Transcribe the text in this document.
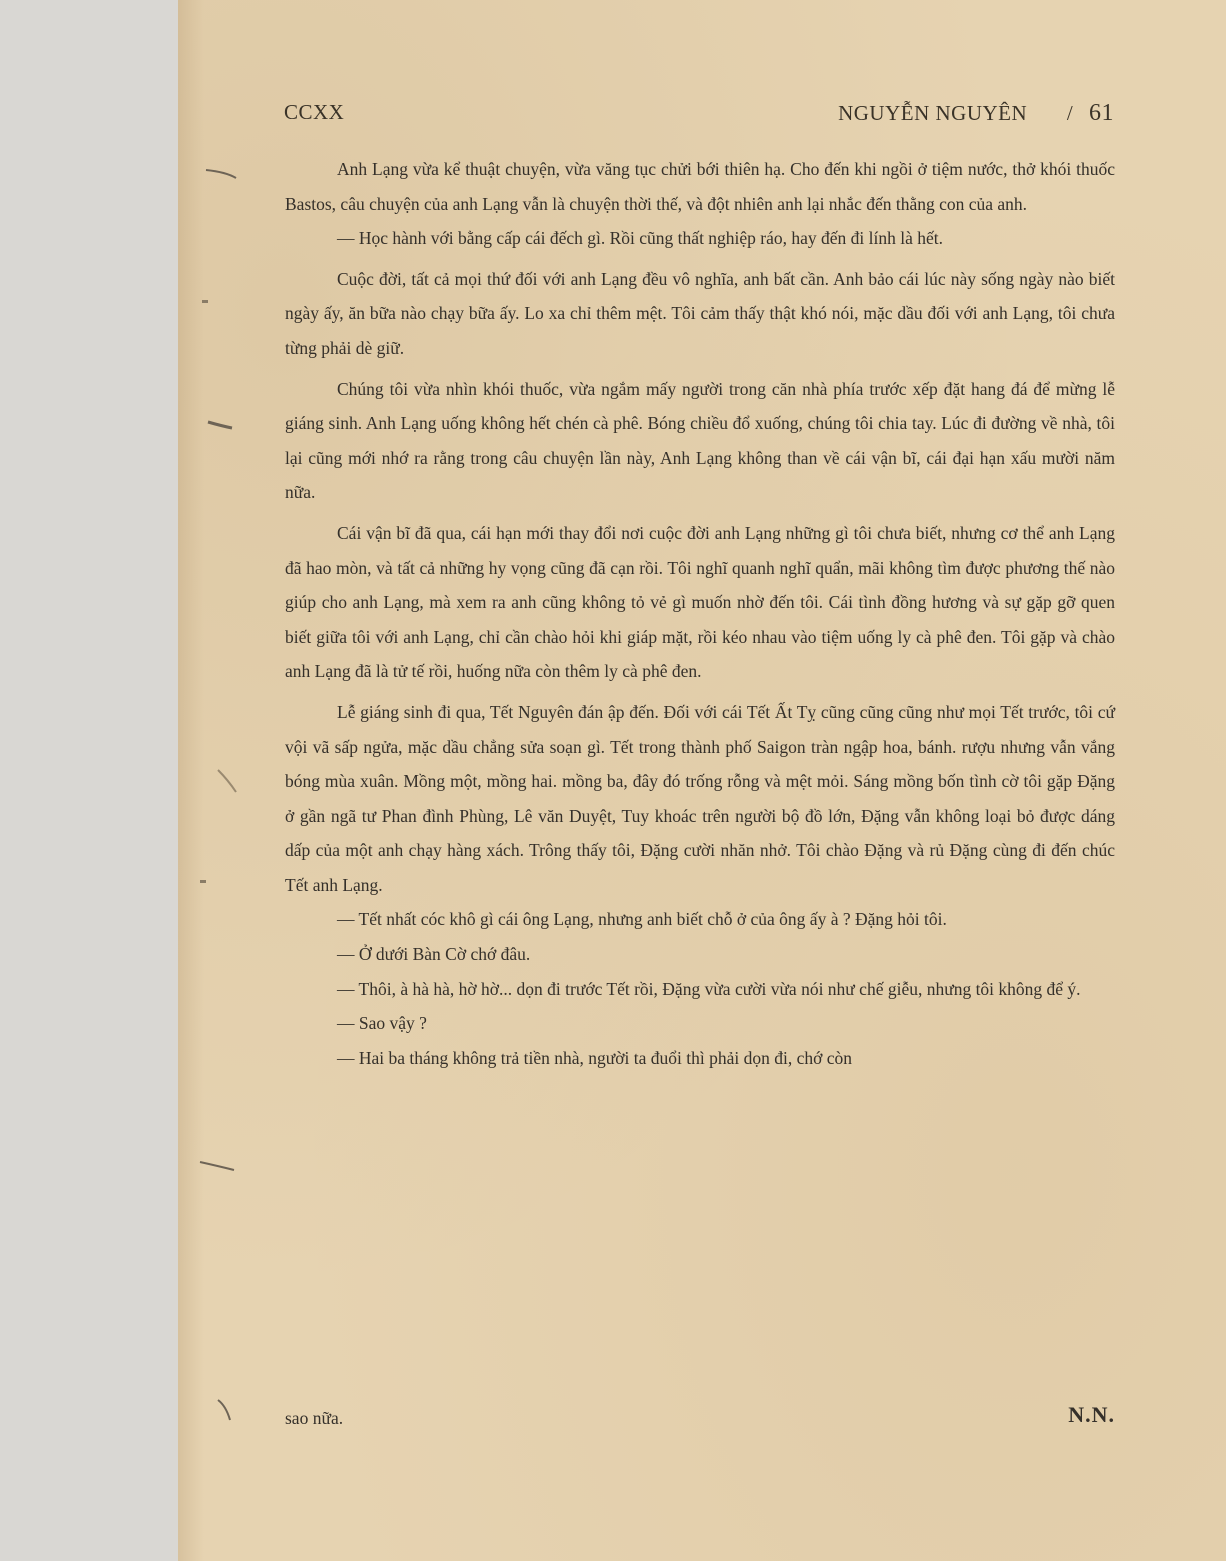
CCXX	NGUYỄN NGUYÊN / 61

Anh Lạng vừa kể thuật chuyện, vừa văng tục chửi bới thiên hạ. Cho đến khi ngồi ở tiệm nước, thở khói thuốc Bastos, câu chuyện của anh Lạng vẫn là chuyện thời thế, và đột nhiên anh lại nhắc đến thằng con của anh.

— Học hành với bằng cấp cái đếch gì. Rồi cũng thất nghiệp ráo, hay đến đi lính là hết.

Cuộc đời, tất cả mọi thứ đối với anh Lạng đều vô nghĩa, anh bất cần. Anh bảo cái lúc này sống ngày nào biết ngày ấy, ăn bữa nào chạy bữa ấy. Lo xa chỉ thêm mệt. Tôi cảm thấy thật khó nói, mặc dầu đối với anh Lạng, tôi chưa từng phải dè giữ.

Chúng tôi vừa nhìn khói thuốc, vừa ngắm mấy người trong căn nhà phía trước xếp đặt hang đá để mừng lễ giáng sinh. Anh Lạng uống không hết chén cà phê. Bóng chiều đổ xuống, chúng tôi chia tay. Lúc đi đường về nhà, tôi lại cũng mới nhớ ra rằng trong câu chuyện lần này, Anh Lạng không than về cái vận bĩ, cái đại hạn xấu mười năm nữa.

Cái vận bĩ đã qua, cái hạn mới thay đổi nơi cuộc đời anh Lạng những gì tôi chưa biết, nhưng cơ thể anh Lạng đã hao mòn, và tất cả những hy vọng cũng đã cạn rồi. Tôi nghĩ quanh nghĩ quẩn, mãi không tìm được phương thế nào giúp cho anh Lạng, mà xem ra anh cũng không tỏ vẻ gì muốn nhờ đến tôi. Cái tình đồng hương và sự gặp gỡ quen biết giữa tôi với anh Lạng, chỉ cần chào hỏi khi giáp mặt, rồi kéo nhau vào tiệm uống ly cà phê đen. Tôi gặp và chào anh Lạng đã là tử tế rồi, huống nữa còn thêm ly cà phê đen.

Lễ giáng sinh đi qua, Tết Nguyên đán ập đến. Đối với cái Tết Ất Tỵ cũng cũng cũng như mọi Tết trước, tôi cứ vội vã sấp ngửa, mặc dầu chẳng sửa soạn gì. Tết trong thành phố Saigon tràn ngập hoa, bánh. rượu nhưng vẫn vắng bóng mùa xuân. Mồng một, mồng hai. mồng ba, đây đó trống rỗng và mệt mỏi. Sáng mồng bốn tình cờ tôi gặp Đặng ở gần ngã tư Phan đình Phùng, Lê văn Duyệt, Tuy khoác trên người bộ đồ lớn, Đặng vẫn không loại bỏ được dáng dấp của một anh chạy hàng xách. Trông thấy tôi, Đặng cười nhăn nhở. Tôi chào Đặng và rủ Đặng cùng đi đến chúc Tết anh Lạng.

— Tết nhất cóc khô gì cái ông Lạng, nhưng anh biết chỗ ở của ông ấy à ? Đặng hỏi tôi.

— Ở dưới Bàn Cờ chớ đâu.

— Thôi, à hà hà, hờ hờ... dọn đi trước Tết rồi, Đặng vừa cười vừa nói như chế giễu, nhưng tôi không để ý.

— Sao vậy ?

— Hai ba tháng không trả tiền nhà, người ta đuổi thì phải dọn đi, chớ còn

sao nữa.	N.N.
